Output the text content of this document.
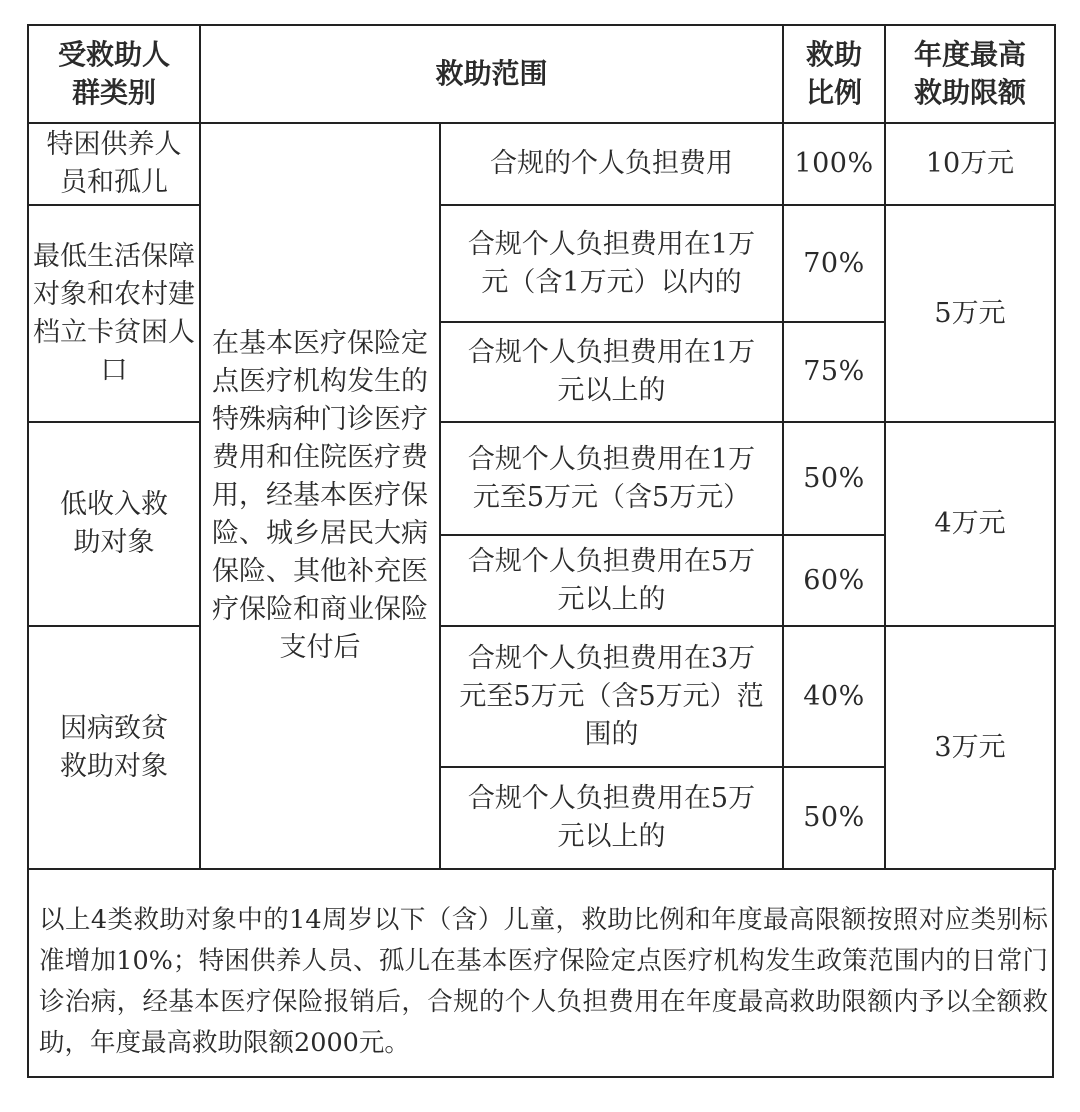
受救助人群类别	救助范围		救助比例	年度最高救助限额
特困供养人员和孤儿	在基本医疗保险定点医疗机构发生的特殊病种门诊医疗费用和住院医疗费用，经基本医疗保险、城乡居民大病保险、其他补充医疗保险和商业保险支付后	合规的个人负担费用	100%	10万元
最低生活保障对象和农村建档立卡贫困人口		合规个人负担费用在1万元（含1万元）以内的	70%	5万元
		合规个人负担费用在1万元以上的	75%	
低收入救助对象		合规个人负担费用在1万元至5万元（含5万元）	50%	4万元
		合规个人负担费用在5万元以上的	60%	
因病致贫救助对象		合规个人负担费用在3万元至5万元（含5万元）范围的	40%	3万元
		合规个人负担费用在5万元以上的	50%	
以上4类救助对象中的14周岁以下（含）儿童，救助比例和年度最高限额按照对应类别标准增加10%；特困供养人员、孤儿在基本医疗保险定点医疗机构发生政策范围内的日常门诊治病，经基本医疗保险报销后，合规的个人负担费用在年度最高救助限额内予以全额救助，年度最高救助限额2000元。
